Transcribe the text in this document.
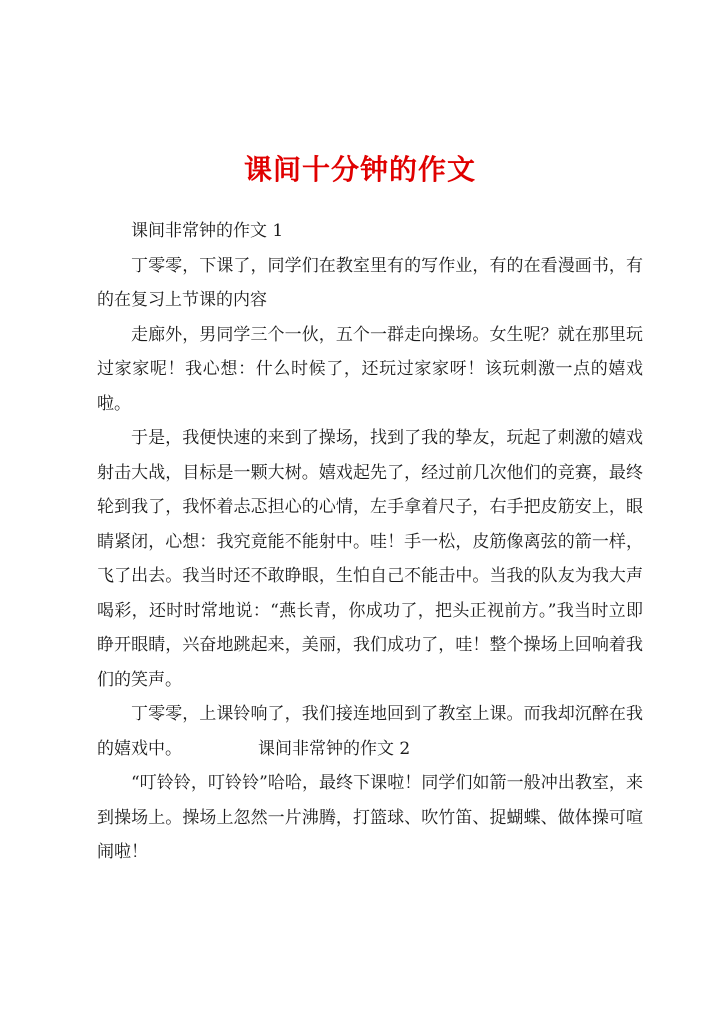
课间十分钟的作文

课间非常钟的作文 1

丁零零，下课了，同学们在教室里有的写作业，有的在看漫画书，有的在复习上节课的内容

走廊外，男同学三个一伙，五个一群走向操场。女生呢？就在那里玩过家家呢！我心想：什么时候了，还玩过家家呀！该玩刺激一点的嬉戏啦。

于是，我便快速的来到了操场，找到了我的挚友，玩起了刺激的嬉戏射击大战，目标是一颗大树。嬉戏起先了，经过前几次他们的竞赛，最终轮到我了，我怀着忐忑担心的心情，左手拿着尺子，右手把皮筋安上，眼睛紧闭，心想：我究竟能不能射中。哇！手一松，皮筋像离弦的箭一样，飞了出去。我当时还不敢睁眼，生怕自己不能击中。当我的队友为我大声喝彩，还时时常地说：“燕长青，你成功了，把头正视前方。”我当时立即睁开眼睛，兴奋地跳起来，美丽，我们成功了，哇！整个操场上回响着我们的笑声。

丁零零，上课铃响了，我们接连地回到了教室上课。而我却沉醉在我的嬉戏中。	课间非常钟的作文 2

“叮铃铃，叮铃铃”哈哈，最终下课啦！同学们如箭一般冲出教室，来到操场上。操场上忽然一片沸腾，打篮球、吹竹笛、捉蝴蝶、做体操可喧闹啦！
